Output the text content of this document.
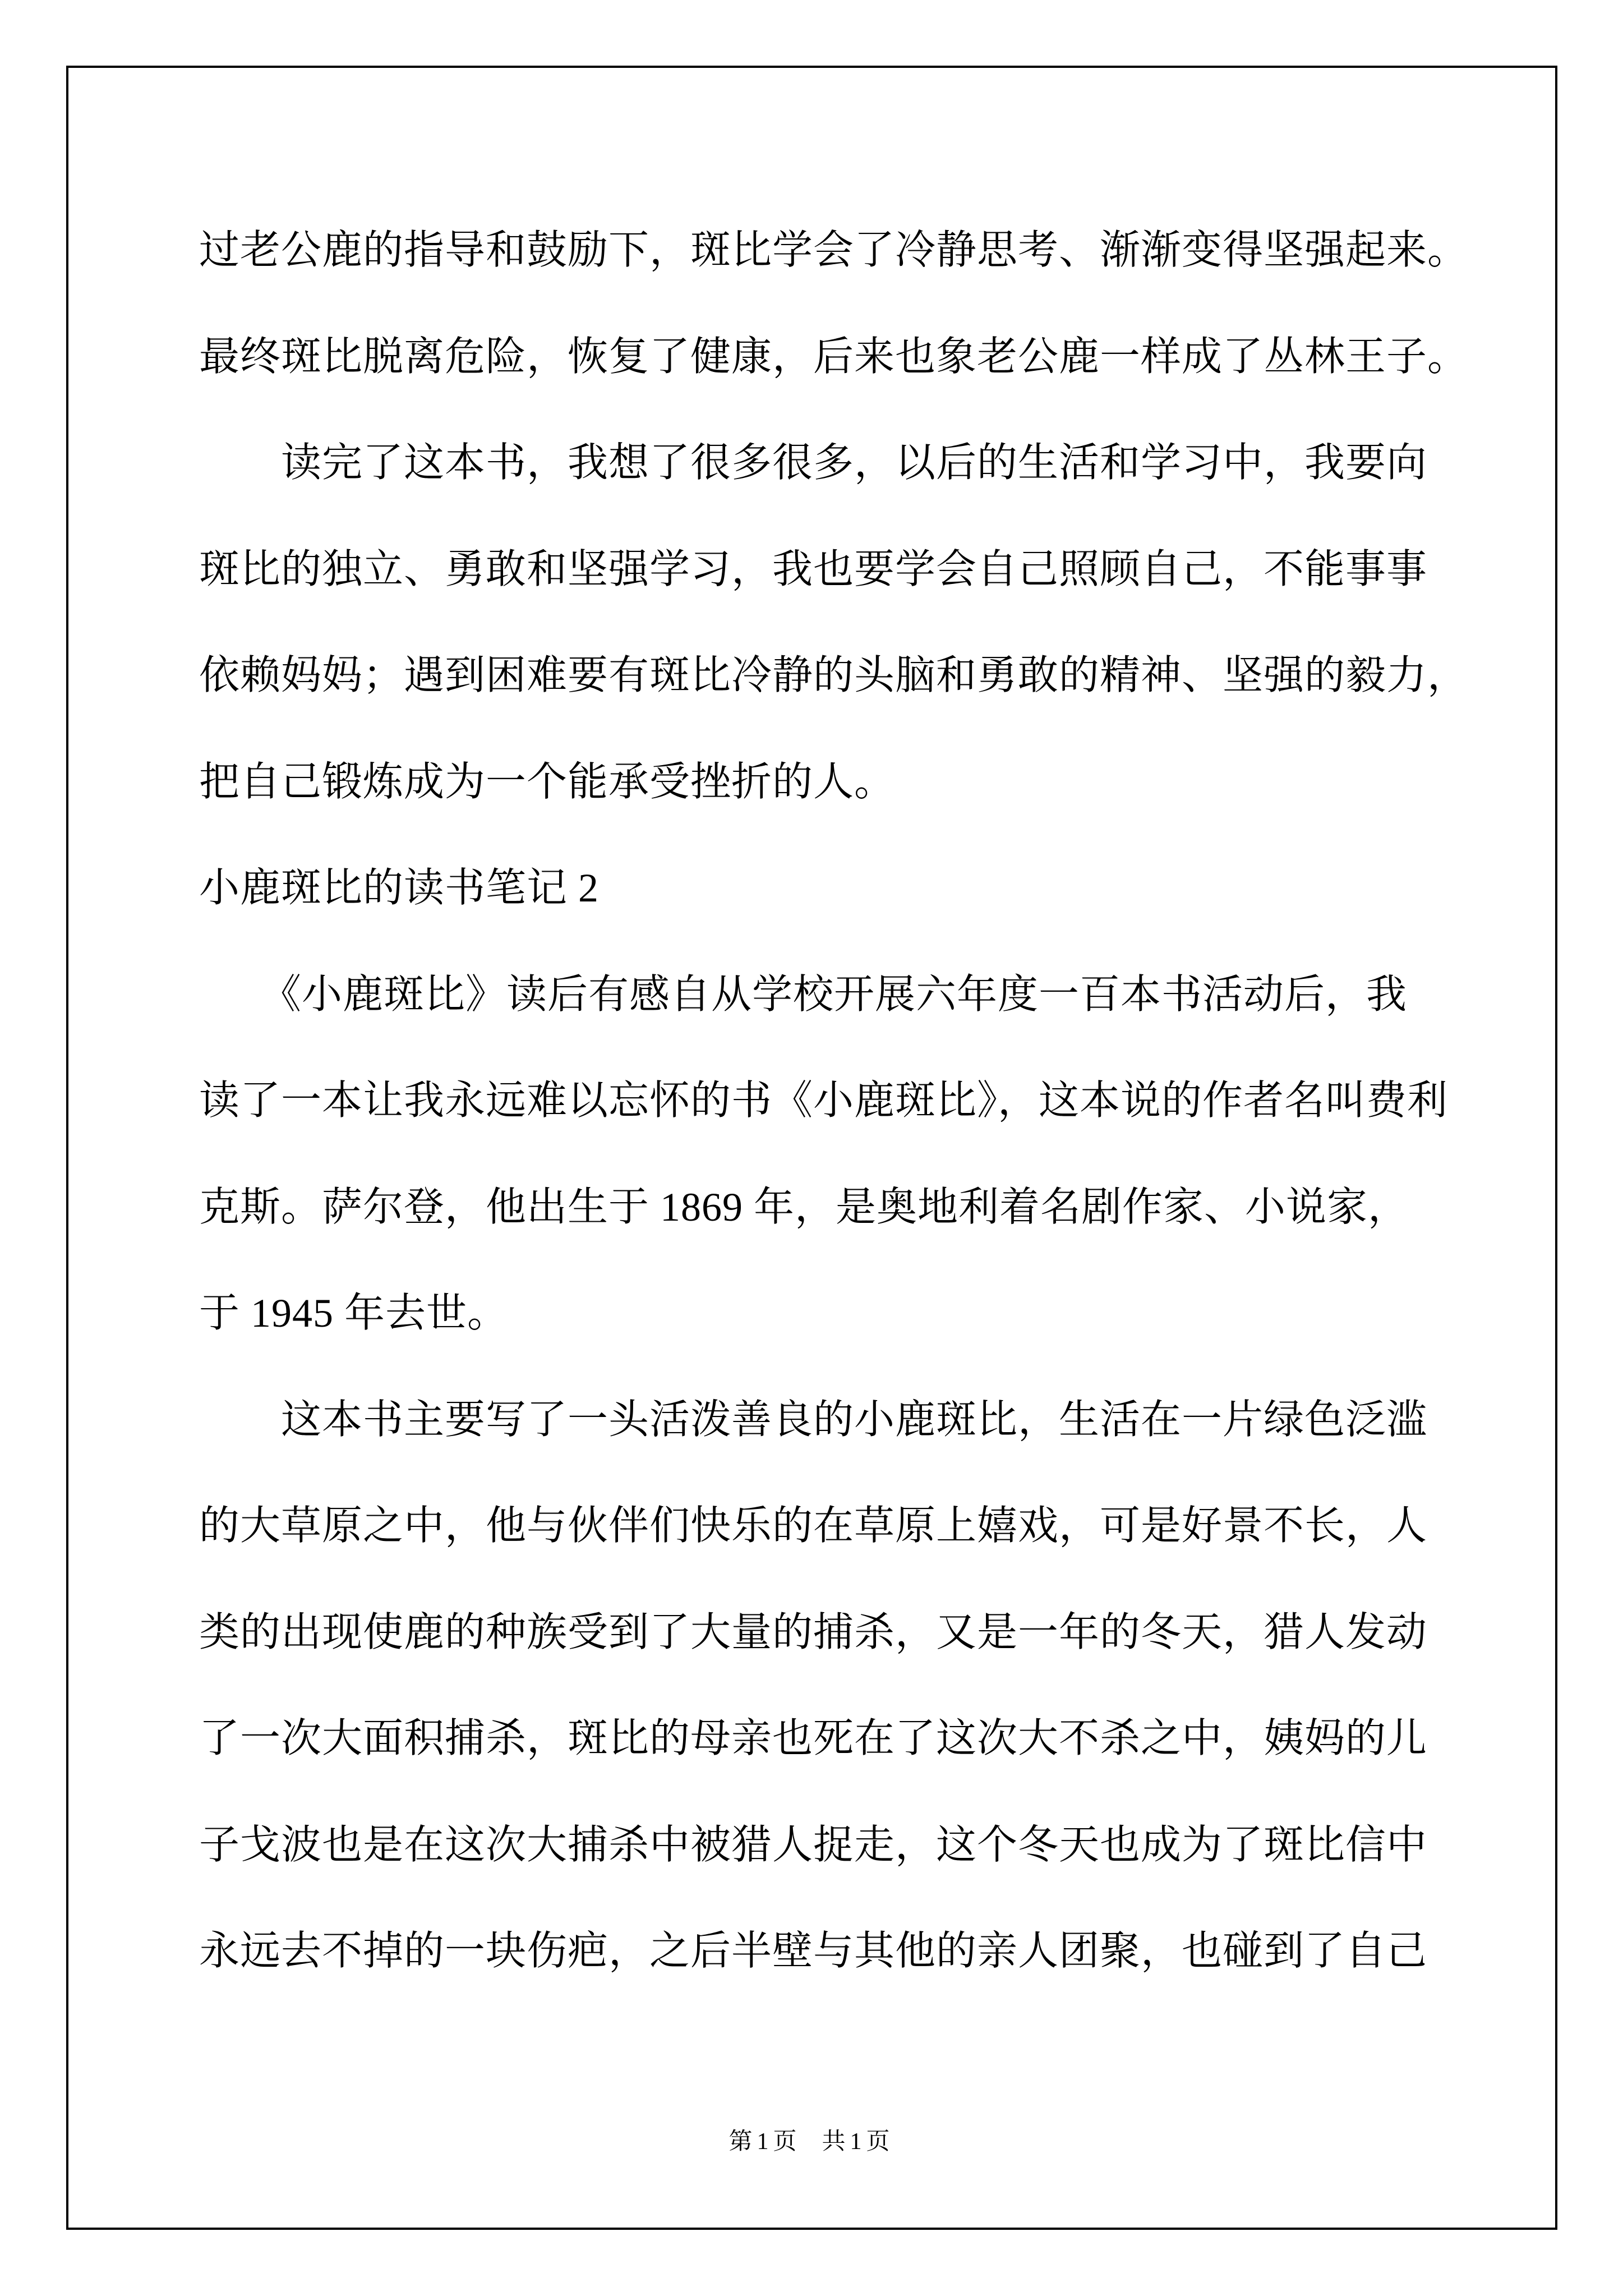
过老公鹿的指导和鼓励下，斑比学会了冷静思考、渐渐变得坚强起来。
最终斑比脱离危险，恢复了健康，后来也象老公鹿一样成了丛林王子。
　　读完了这本书，我想了很多很多，以后的生活和学习中，我要向
斑比的独立、勇敢和坚强学习，我也要学会自己照顾自己，不能事事
依赖妈妈；遇到困难要有斑比冷静的头脑和勇敢的精神、坚强的毅力，
把自己锻炼成为一个能承受挫折的人。
小鹿斑比的读书笔记 2
　　《小鹿斑比》读后有感自从学校开展六年度一百本书活动后，我
读了一本让我永远难以忘怀的书《小鹿斑比》，这本说的作者名叫费利
克斯。萨尔登，他出生于 1869 年，是奥地利着名剧作家、小说家，
于 1945 年去世。
　　这本书主要写了一头活泼善良的小鹿斑比，生活在一片绿色泛滥
的大草原之中，他与伙伴们快乐的在草原上嬉戏，可是好景不长，人
类的出现使鹿的种族受到了大量的捕杀，又是一年的冬天，猎人发动
了一次大面积捕杀，斑比的母亲也死在了这次大不杀之中，姨妈的儿
子戈波也是在这次大捕杀中被猎人捉走，这个冬天也成为了斑比信中
永远去不掉的一块伤疤，之后半壁与其他的亲人团聚，也碰到了自己
第1页  共1页
